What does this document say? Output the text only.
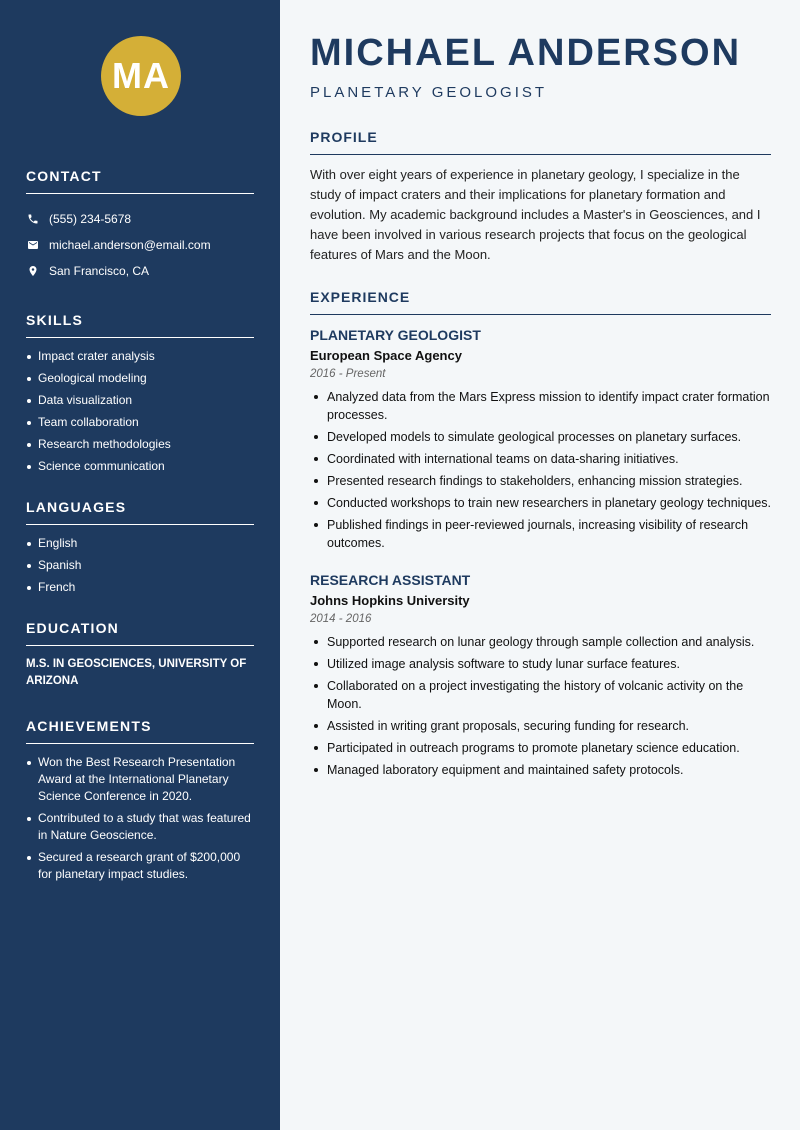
MA
CONTACT
(555) 234-5678
michael.anderson@email.com
San Francisco, CA
SKILLS
Impact crater analysis
Geological modeling
Data visualization
Team collaboration
Research methodologies
Science communication
LANGUAGES
English
Spanish
French
EDUCATION
M.S. IN GEOSCIENCES, UNIVERSITY OF ARIZONA
ACHIEVEMENTS
Won the Best Research Presentation Award at the International Planetary Science Conference in 2020.
Contributed to a study that was featured in Nature Geoscience.
Secured a research grant of $200,000 for planetary impact studies.
MICHAEL ANDERSON
PLANETARY GEOLOGIST
PROFILE

With over eight years of experience in planetary geology, I specialize in the study of impact craters and their implications for planetary formation and evolution. My academic background includes a Master's in Geosciences, and I have been involved in various research projects that focus on the geological features of Mars and the Moon.

EXPERIENCE
PLANETARY GEOLOGIST
European Space Agency
2016 - Present
Analyzed data from the Mars Express mission to identify impact crater formation processes.
Developed models to simulate geological processes on planetary surfaces.
Coordinated with international teams on data-sharing initiatives.
Presented research findings to stakeholders, enhancing mission strategies.
Conducted workshops to train new researchers in planetary geology techniques.
Published findings in peer-reviewed journals, increasing visibility of research outcomes.
RESEARCH ASSISTANT
Johns Hopkins University
2014 - 2016
Supported research on lunar geology through sample collection and analysis.
Utilized image analysis software to study lunar surface features.
Collaborated on a project investigating the history of volcanic activity on the Moon.
Assisted in writing grant proposals, securing funding for research.
Participated in outreach programs to promote planetary science education.
Managed laboratory equipment and maintained safety protocols.
